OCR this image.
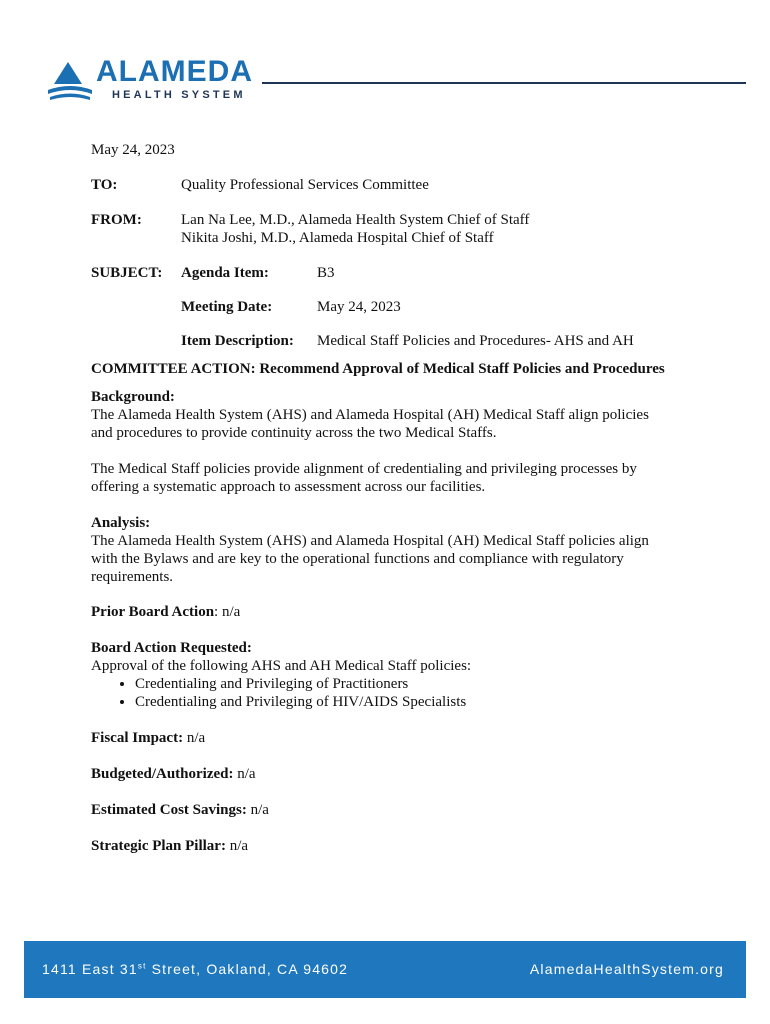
ALAMEDA
HEALTH SYSTEM

May 24, 2023

TO:	Quality Professional Services Committee
FROM:	Lan Na Lee, M.D., Alameda Health System Chief of Staff
Nikita Joshi, M.D., Alameda Hospital Chief of Staff
SUBJECT: Agenda Item:	B3
Meeting Date:	May 24, 2023
Item Description: Medical Staff Policies and Procedures- AHS and AH

COMMITTEE ACTION: Recommend Approval of Medical Staff Policies and Procedures

Background:

The Alameda Health System (AHS) and Alameda Hospital (AH) Medical Staff align policies

and procedures to provide continuity across the two Medical Staffs.

The Medical Staff policies provide alignment of credentialing and privileging processes by

offering a systematic approach to assessment across our facilities.

Analysis:

The Alameda Health System (AHS) and Alameda Hospital (AH) Medical Staff policies align

with the Bylaws and are key to the operational functions and compliance with regulatory

requirements.

Prior Board Action: n/a

Board Action Requested:

Approval of the following AHS and AH Medical Staff policies:

• Credentialing and Privileging of Practitioners
• Credentialing and Privileging of HIV/AIDS Specialists

Fiscal Impact: n/a

Budgeted/Authorized: n/a

Estimated Cost Savings: n/a

Strategic Plan Pillar: n/a

1411 East 31st Street, Oakland, CA 94602	AlamedaHealthSystem.org
